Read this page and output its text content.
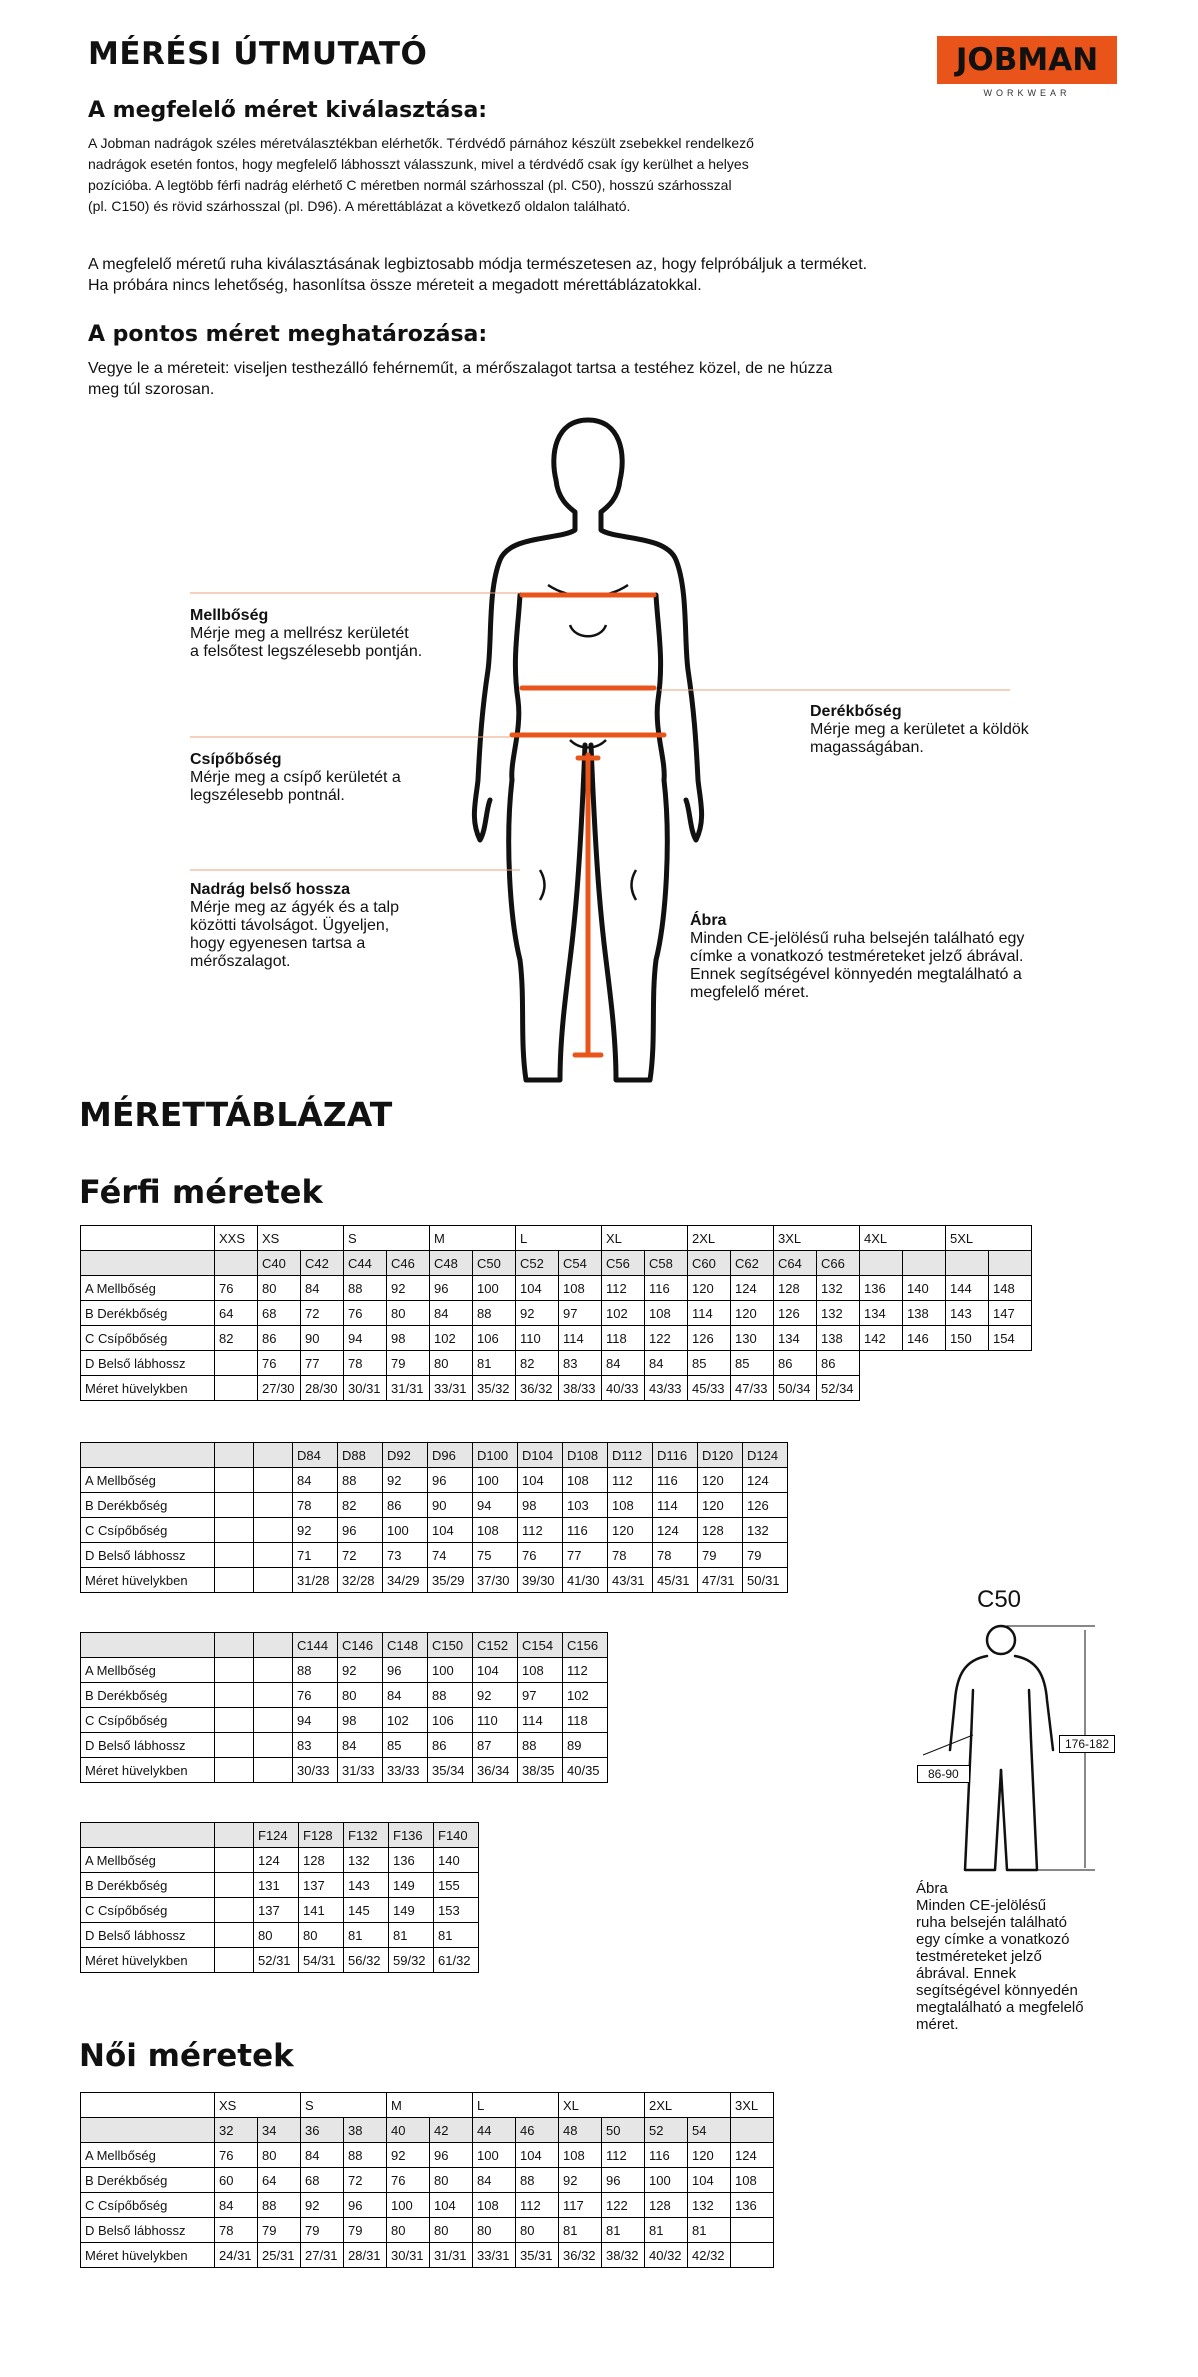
MÉRÉSI ÚTMUTATÓ	JOBMAN
WORKWEAR
A megfelelő méret kiválasztása:
A Jobman nadrágok széles méretválasztékban elérhetők. Térdvédő párnához készült zsebekkel rendelkező
nadrágok esetén fontos, hogy megfelelő lábhosszt válasszunk, mivel a térdvédő csak így kerülhet a helyes
pozícióba. A legtöbb férfi nadrág elérhető C méretben normál szárhosszal (pl. C50), hosszú szárhosszal
(pl. C150) és rövid szárhosszal (pl. D96). A mérettáblázat a következő oldalon található.
A megfelelő méretű ruha kiválasztásának legbiztosabb módja természetesen az, hogy felpróbáljuk a terméket.
Ha próbára nincs lehetőség, hasonlítsa össze méreteit a megadott mérettáblázatokkal.
A pontos méret meghatározása:
Vegye le a méreteit: viseljen testhezálló fehérneműt, a mérőszalagot tartsa a testéhez közel, de ne húzza
meg túl szorosan.
Mellbőség
Mérje meg a mellrész kerületét
a felsőtest legszélesebb pontján.
Derékbőség
Mérje meg a kerületet a köldök
magasságában.
Csípőbőség
Mérje meg a csípő kerületét a
legszélesebb pontnál.
Nadrág belső hossza
Mérje meg az ágyék és a talp
közötti távolságot. Ügyeljen,
hogy egyenesen tartsa a
mérőszalagot.
Ábra
Minden CE-jelölésű ruha belsején található egy
címke a vonatkozó testméreteket jelző ábrával.
Ennek segítségével könnyedén megtalálható a
megfelelő méret.
MÉRETTÁBLÁZAT
Férfi méretek
	XXS	XS		S		M		L		XL		2XL		3XL		4XL		5XL	
		C40	C42	C44	C46	C48	C50	C52	C54	C56	C58	C60	C62	C64	C66				
A Mellbőség	76	80	84	88	92	96	100	104	108	112	116	120	124	128	132	136	140	144	148
B Derékbőség	64	68	72	76	80	84	88	92	97	102	108	114	120	126	132	134	138	143	147
C Csípőbőség	82	86	90	94	98	102	106	110	114	118	122	126	130	134	138	142	146	150	154
D Belső lábhossz		76	77	78	79	80	81	82	83	84	84	85	85	86	86				
Méret hüvelykben		27/30	28/30	30/31	31/31	33/31	35/32	36/32	38/33	40/33	43/33	45/33	47/33	50/34	52/34				
			D84	D88	D92	D96	D100	D104	D108	D112	D116	D120	D124
A Mellbőség			84	88	92	96	100	104	108	112	116	120	124
B Derékbőség			78	82	86	90	94	98	103	108	114	120	126
C Csípőbőség			92	96	100	104	108	112	116	120	124	128	132
D Belső lábhossz			71	72	73	74	75	76	77	78	78	79	79
Méret hüvelykben			31/28	32/28	34/29	35/29	37/30	39/30	41/30	43/31	45/31	47/31	50/31
			C144	C146	C148	C150	C152	C154	C156
A Mellbőség			88	92	96	100	104	108	112
B Derékbőség			76	80	84	88	92	97	102
C Csípőbőség			94	98	102	106	110	114	118
D Belső lábhossz			83	84	85	86	87	88	89
Méret hüvelykben			30/33	31/33	33/33	35/34	36/34	38/35	40/35
		F124	F128	F132	F136	F140
A Mellbőség		124	128	132	136	140
B Derékbőség		131	137	143	149	155
C Csípőbőség		137	141	145	149	153
D Belső lábhossz		80	80	81	81	81
Méret hüvelykben		52/31	54/31	56/32	59/32	61/32
Női méretek
	XS		S		M		L		XL		2XL		3XL
	32	34	36	38	40	42	44	46	48	50	52	54	
A Mellbőség	76	80	84	88	92	96	100	104	108	112	116	120	124
B Derékbőség	60	64	68	72	76	80	84	88	92	96	100	104	108
C Csípőbőség	84	88	92	96	100	104	108	112	117	122	128	132	136
D Belső lábhossz	78	79	79	79	80	80	80	80	81	81	81	81	
Méret hüvelykben	24/31	25/31	27/31	28/31	30/31	31/31	33/31	35/31	36/32	38/32	40/32	42/32	
C50
176-182
86-90
Ábra
Minden CE-jelölésű
ruha belsején található
egy címke a vonatkozó
testméreteket jelző
ábrával. Ennek
segítségével könnyedén
megtalálható a megfelelő
méret.
